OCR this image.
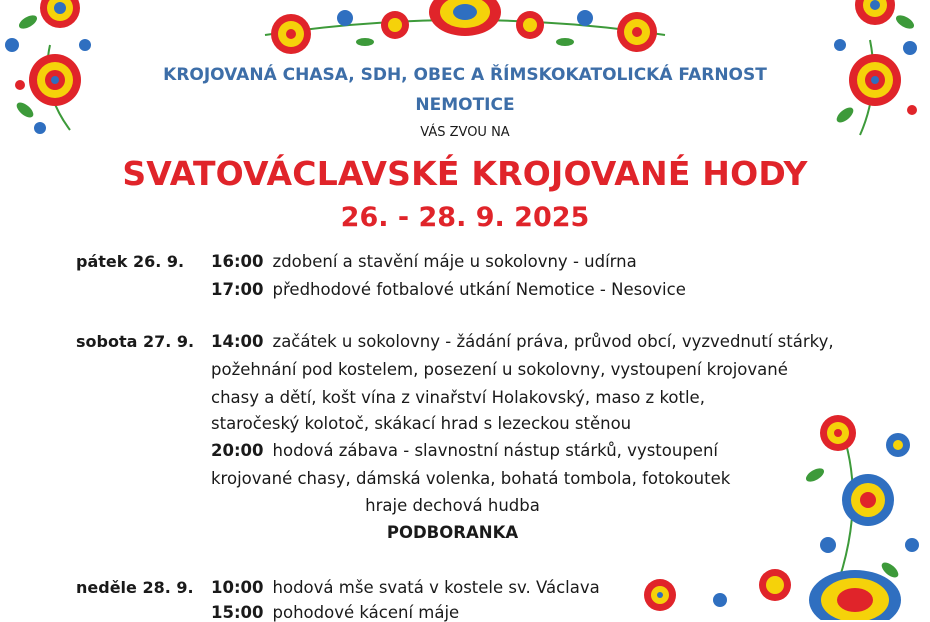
KROJOVANÁ CHASA, SDH, OBEC A ŘÍMSKOKATOLICKÁ FARNOST
NEMOTICE
VÁS ZVOU NA
SVATOVÁCLAVSKÉ KROJOVANÉ HODY
26. - 28. 9. 2025
pátek 26. 9. 16:00 zdobení a stavění máje u sokolovny - udírna
17:00 předhodové fotbalové utkání Nemotice - Nesovice
sobota 27. 9. 14:00 začátek u sokolovny - žádání práva, průvod obcí, vyzvednutí stárky,
požehnání pod kostelem, posezení u sokolovny, vystoupení krojované
chasy a dětí, košt vína z vinařství Holakovský, maso z kotle,
staročeský kolotoč, skákací hrad s lezeckou stěnou
20:00 hodová zábava - slavnostní nástup stárků, vystoupení
krojované chasy, dámská volenka, bohatá tombola, fotokoutek
hraje dechová hudba
PODBORANKA
neděle 28. 9. 10:00 hodová mše svatá v kostele sv. Václava
15:00 pohodové kácení máje
